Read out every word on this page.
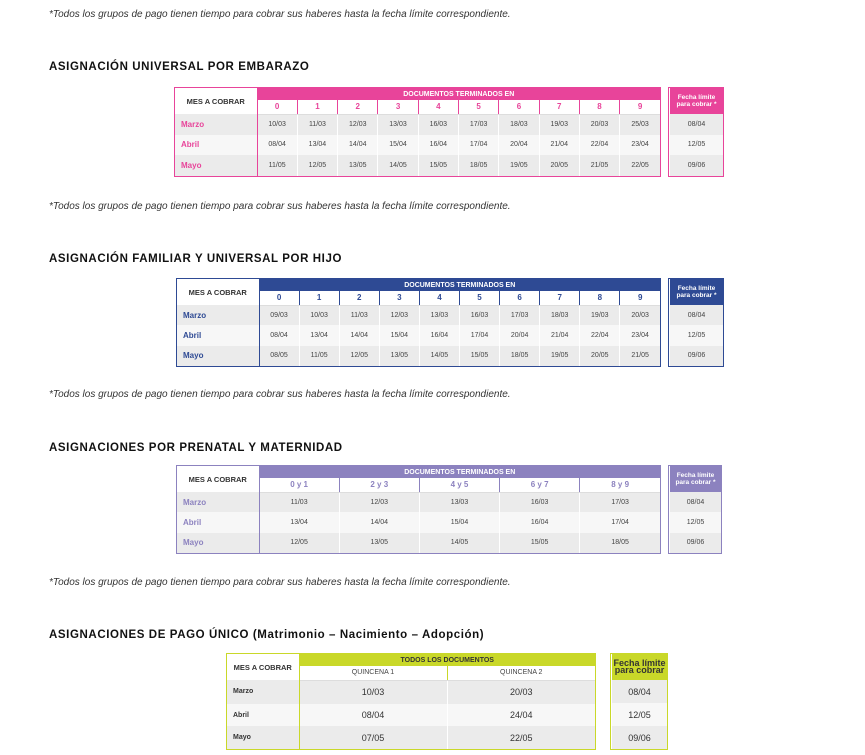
*Todos los grupos de pago tienen tiempo para cobrar sus haberes hasta la fecha límite correspondiente.
*Todos los grupos de pago tienen tiempo para cobrar sus haberes hasta la fecha límite correspondiente.
*Todos los grupos de pago tienen tiempo para cobrar sus haberes hasta la fecha límite correspondiente.
*Todos los grupos de pago tienen tiempo para cobrar sus haberes hasta la fecha límite correspondiente.
ASIGNACIÓN UNIVERSAL POR EMBARAZO
ASIGNACIÓN FAMILIAR Y UNIVERSAL POR HIJO
ASIGNACIONES POR PRENATAL Y MATERNIDAD
ASIGNACIONES DE PAGO ÚNICO (Matrimonio – Nacimiento – Adopción)
MES A COBRAR	DOCUMENTOS TERMINADOS EN									
	0	1	2	3	4	5	6	7	8	9
Marzo	10/03	11/03	12/03	13/03	16/03	17/03	18/03	19/03	20/03	25/03
Abril	08/04	13/04	14/04	15/04	16/04	17/04	20/04	21/04	22/04	23/04
Mayo	11/05	12/05	13/05	14/05	15/05	18/05	19/05	20/05	21/05	22/05
Fecha límite para cobrar *
08/04
12/05
09/06
MES A COBRAR	DOCUMENTOS TERMINADOS EN									
	0	1	2	3	4	5	6	7	8	9
Marzo	09/03	10/03	11/03	12/03	13/03	16/03	17/03	18/03	19/03	20/03
Abril	08/04	13/04	14/04	15/04	16/04	17/04	20/04	21/04	22/04	23/04
Mayo	08/05	11/05	12/05	13/05	14/05	15/05	18/05	19/05	20/05	21/05
Fecha límite para cobrar *
08/04
12/05
09/06
MES A COBRAR	DOCUMENTOS TERMINADOS EN				
	0 y 1	2 y 3	4 y 5	6 y 7	8 y 9
Marzo	11/03	12/03	13/03	16/03	17/03
Abril	13/04	14/04	15/04	16/04	17/04
Mayo	12/05	13/05	14/05	15/05	18/05
Fecha límite para cobrar *
08/04
12/05
09/06
MES A COBRAR	TODOS LOS DOCUMENTOS	
	QUINCENA 1	QUINCENA 2
Marzo	10/03	20/03
Abril	08/04	24/04
Mayo	07/05	22/05
Fecha límite para cobrar
08/04
12/05
09/06
